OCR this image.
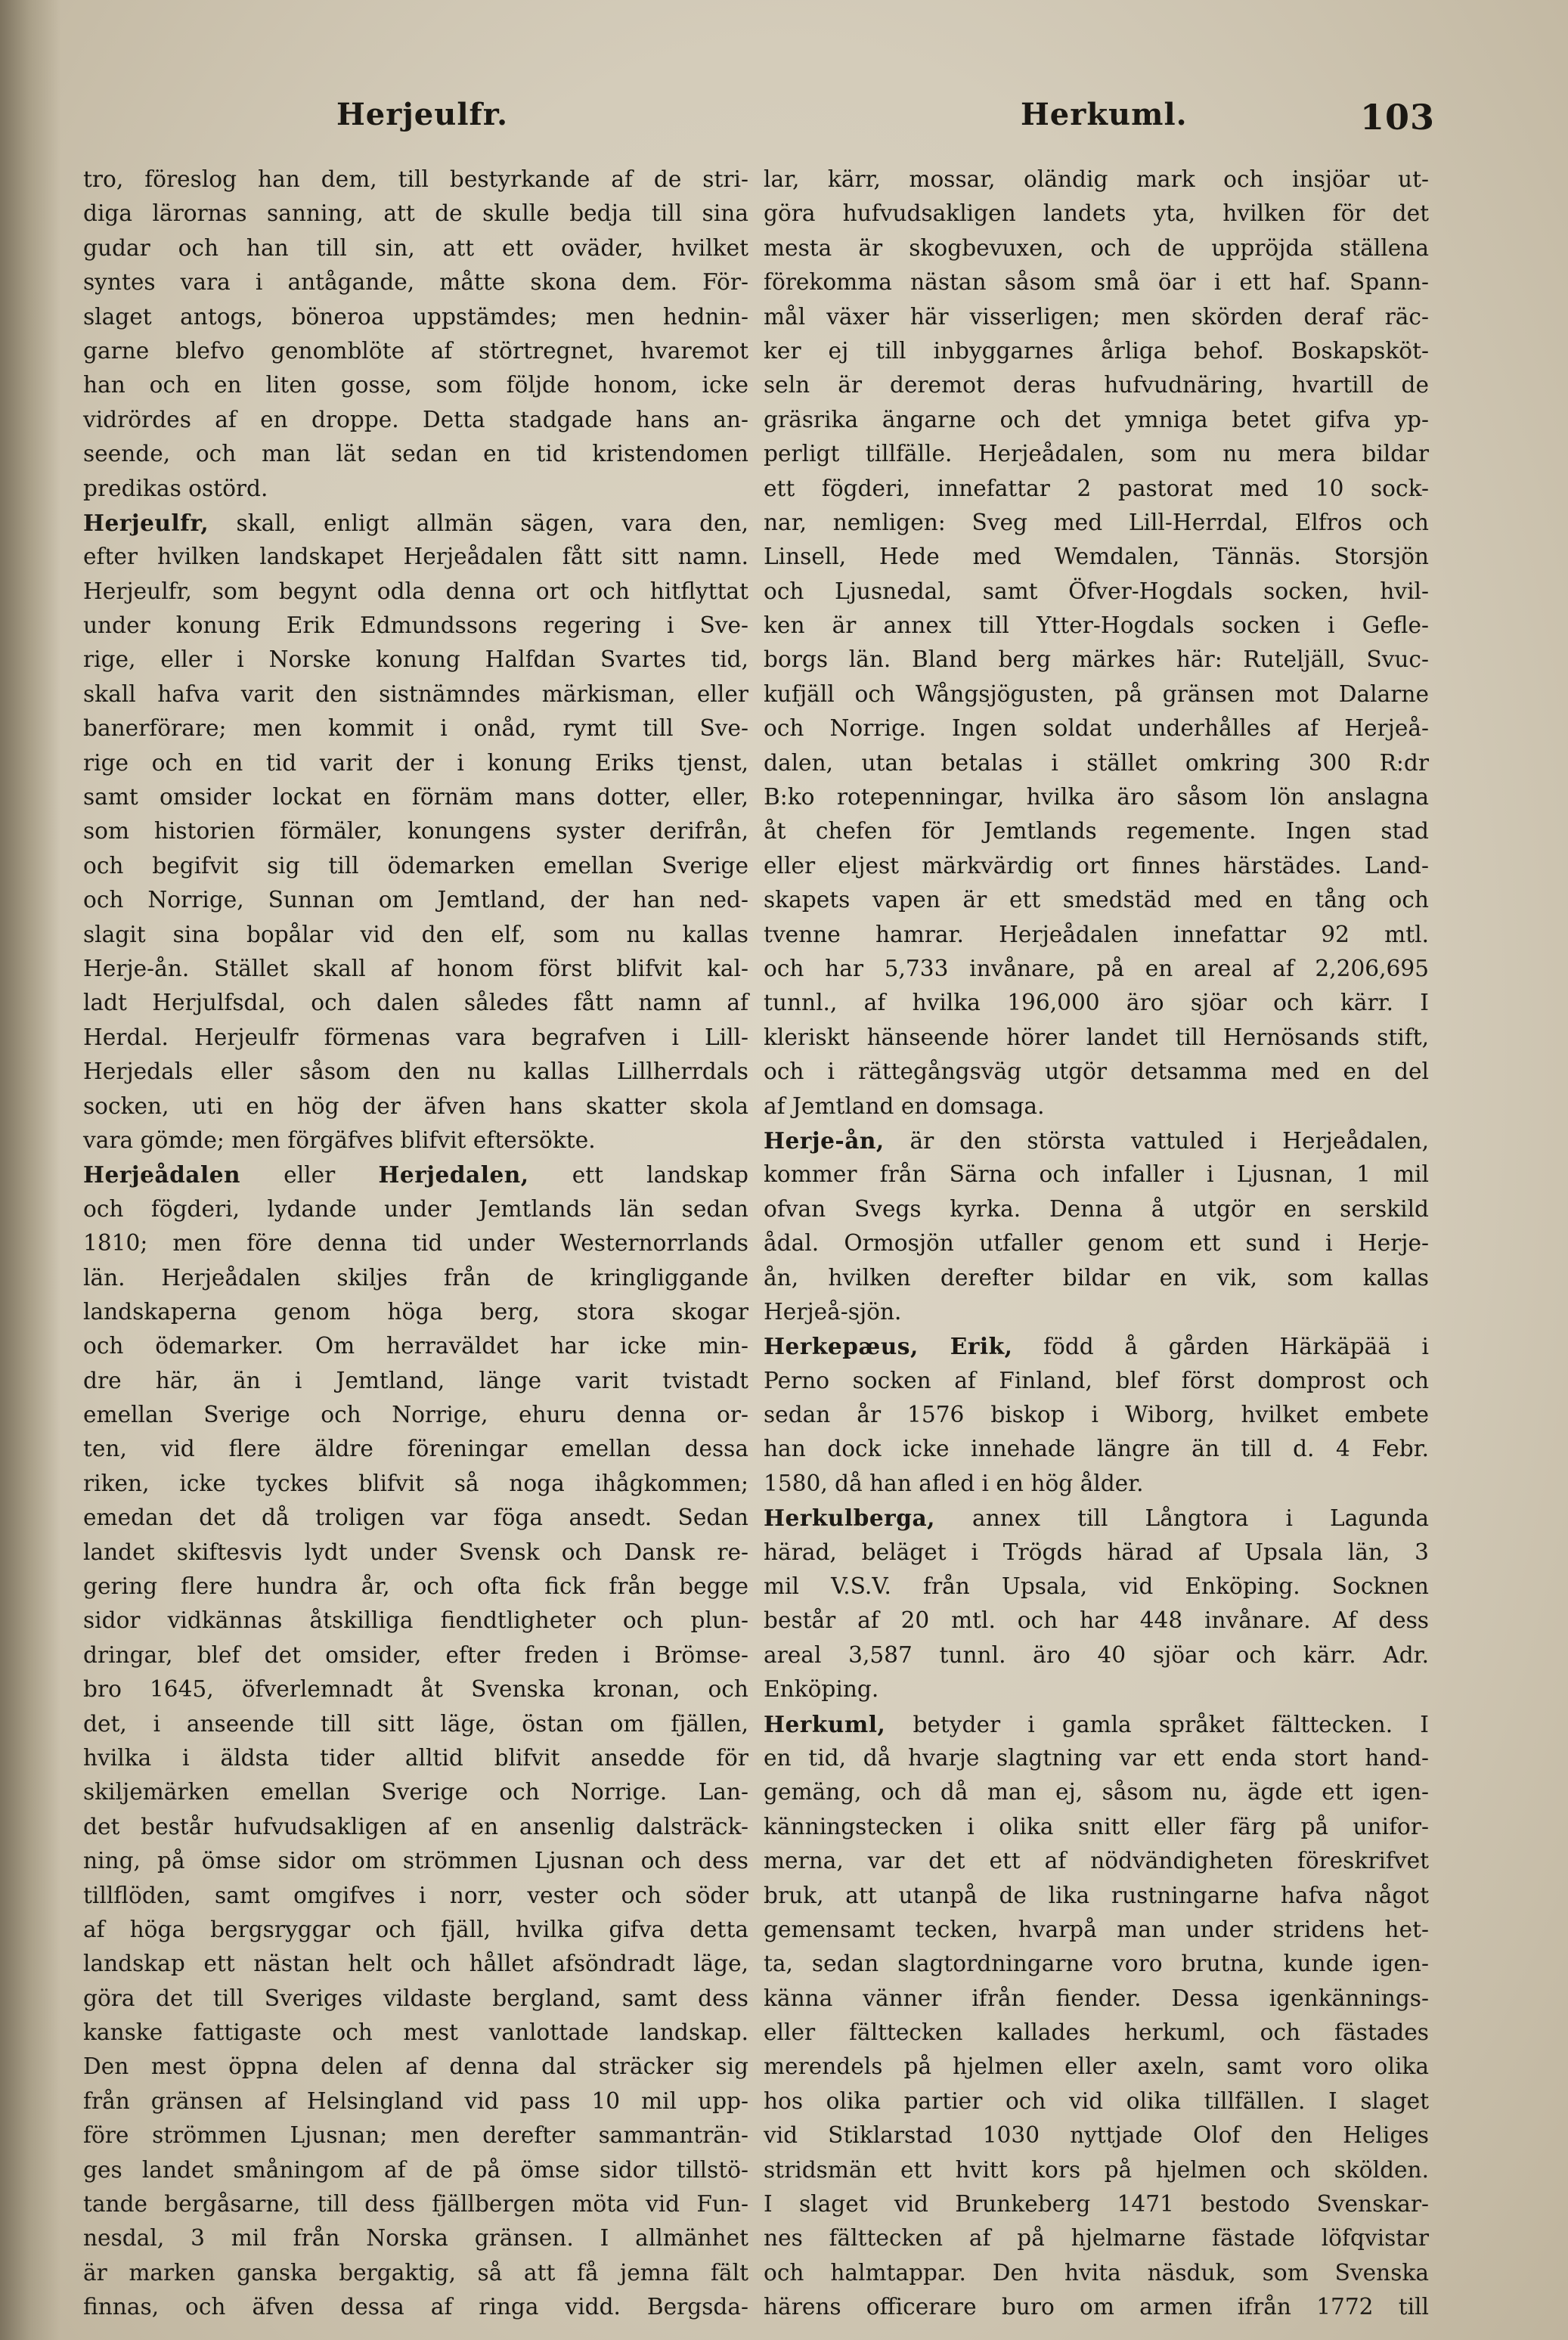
Herjeulfr.	Herkuml.	103
tro, föreslog han dem, till bestyrkande af de stri-
diga lärornas sanning, att de skulle bedja till sina
gudar och han till sin, att ett oväder, hvilket
syntes vara i antågande, måtte skona dem. För-
slaget antogs, böneroa uppstämdes; men hednin-
garne blefvo genomblöte af störtregnet, hvaremot
han och en liten gosse, som följde honom, icke
vidrördes af en droppe. Detta stadgade hans an-
seende, och man lät sedan en tid kristendomen
predikas ostörd.
Herjeulfr, skall, enligt allmän sägen, vara den,
efter hvilken landskapet Herjeådalen fått sitt namn.
Herjeulfr, som begynt odla denna ort och hitflyttat
under konung Erik Edmundssons regering i Sve-
rige, eller i Norske konung Halfdan Svartes tid,
skall hafva varit den sistnämndes märkisman, eller
banerförare; men kommit i onåd, rymt till Sve-
rige och en tid varit der i konung Eriks tjenst,
samt omsider lockat en förnäm mans dotter, eller,
som historien förmäler, konungens syster derifrån,
och begifvit sig till ödemarken emellan Sverige
och Norrige, Sunnan om Jemtland, der han ned-
slagit sina bopålar vid den elf, som nu kallas
Herje-ån. Stället skall af honom först blifvit kal-
ladt Herjulfsdal, och dalen således fått namn af
Herdal. Herjeulfr förmenas vara begrafven i Lill-
Herjedals eller såsom den nu kallas Lillherrdals
socken, uti en hög der äfven hans skatter skola
vara gömde; men förgäfves blifvit eftersökte.
Herjeådalen eller Herjedalen, ett landskap
och fögderi, lydande under Jemtlands län sedan
1810; men före denna tid under Westernorrlands
län. Herjeådalen skiljes från de kringliggande
landskaperna genom höga berg, stora skogar
och ödemarker. Om herraväldet har icke min-
dre här, än i Jemtland, länge varit tvistadt
emellan Sverige och Norrige, ehuru denna or-
ten, vid flere äldre föreningar emellan dessa
riken, icke tyckes blifvit så noga ihågkommen;
emedan det då troligen var föga ansedt. Sedan
landet skiftesvis lydt under Svensk och Dansk re-
gering flere hundra år, och ofta fick från begge
sidor vidkännas åtskilliga fiendtligheter och plun-
dringar, blef det omsider, efter freden i Brömse-
bro 1645, öfverlemnadt åt Svenska kronan, och
det, i anseende till sitt läge, östan om fjällen,
hvilka i äldsta tider alltid blifvit ansedde för
skiljemärken emellan Sverige och Norrige. Lan-
det består hufvudsakligen af en ansenlig dalsträck-
ning, på ömse sidor om strömmen Ljusnan och dess
tillflöden, samt omgifves i norr, vester och söder
af höga bergsryggar och fjäll, hvilka gifva detta
landskap ett nästan helt och hållet afsöndradt läge,
göra det till Sveriges vildaste bergland, samt dess
kanske fattigaste och mest vanlottade landskap.
Den mest öppna delen af denna dal sträcker sig
från gränsen af Helsingland vid pass 10 mil upp-
före strömmen Ljusnan; men derefter sammanträn-
ges landet småningom af de på ömse sidor tillstö-
tande bergåsarne, till dess fjällbergen möta vid Fun-
nesdal, 3 mil från Norska gränsen. I allmänhet
är marken ganska bergaktig, så att få jemna fält
finnas, och äfven dessa af ringa vidd. Bergsda-
lar, kärr, mossar, oländig mark och insjöar ut-
göra hufvudsakligen landets yta, hvilken för det
mesta är skogbevuxen, och de uppröjda ställena
förekomma nästan såsom små öar i ett haf. Spann-
mål växer här visserligen; men skörden deraf räc-
ker ej till inbyggarnes årliga behof. Boskapsköt-
seln är deremot deras hufvudnäring, hvartill de
gräsrika ängarne och det ymniga betet gifva yp-
perligt tillfälle. Herjeådalen, som nu mera bildar
ett fögderi, innefattar 2 pastorat med 10 sock-
nar, nemligen: Sveg med Lill-Herrdal, Elfros och
Linsell, Hede med Wemdalen, Tännäs. Storsjön
och Ljusnedal, samt Öfver-Hogdals socken, hvil-
ken är annex till Ytter-Hogdals socken i Gefle-
borgs län. Bland berg märkes här: Ruteljäll, Svuc-
kufjäll och Wångsjögusten, på gränsen mot Dalarne
och Norrige. Ingen soldat underhålles af Herjeå-
dalen, utan betalas i stället omkring 300 R:dr
B:ko rotepenningar, hvilka äro såsom lön anslagna
åt chefen för Jemtlands regemente. Ingen stad
eller eljest märkvärdig ort finnes härstädes. Land-
skapets vapen är ett smedstäd med en tång och
tvenne hamrar. Herjeådalen innefattar 92 mtl.
och har 5,733 invånare, på en areal af 2,206,695
tunnl., af hvilka 196,000 äro sjöar och kärr. I
kleriskt hänseende hörer landet till Hernösands stift,
och i rättegångsväg utgör detsamma med en del
af Jemtland en domsaga.
Herje-ån, är den största vattuled i Herjeådalen,
kommer från Särna och infaller i Ljusnan, 1 mil
ofvan Svegs kyrka. Denna å utgör en serskild
ådal. Ormosjön utfaller genom ett sund i Herje-
ån, hvilken derefter bildar en vik, som kallas
Herjeå-sjön.
Herkepæus, Erik, född å gården Härkäpää i
Perno socken af Finland, blef först domprost och
sedan år 1576 biskop i Wiborg, hvilket embete
han dock icke innehade längre än till d. 4 Febr.
1580, då han afled i en hög ålder.
Herkulberga, annex till Långtora i Lagunda
härad, beläget i Trögds härad af Upsala län, 3
mil V.S.V. från Upsala, vid Enköping. Socknen
består af 20 mtl. och har 448 invånare. Af dess
areal 3,587 tunnl. äro 40 sjöar och kärr. Adr.
Enköping.
Herkuml, betyder i gamla språket fälttecken. I
en tid, då hvarje slagtning var ett enda stort hand-
gemäng, och då man ej, såsom nu, ägde ett igen-
känningstecken i olika snitt eller färg på unifor-
merna, var det ett af nödvändigheten föreskrifvet
bruk, att utanpå de lika rustningarne hafva något
gemensamt tecken, hvarpå man under stridens het-
ta, sedan slagtordningarne voro brutna, kunde igen-
känna vänner ifrån fiender. Dessa igenkännings-
eller fälttecken kallades herkuml, och fästades
merendels på hjelmen eller axeln, samt voro olika
hos olika partier och vid olika tillfällen. I slaget
vid Stiklarstad 1030 nyttjade Olof den Heliges
stridsmän ett hvitt kors på hjelmen och skölden.
I slaget vid Brunkeberg 1471 bestodo Svenskar-
nes fälttecken af på hjelmarne fästade löfqvistar
och halmtappar. Den hvita näsduk, som Svenska
härens officerare buro om armen ifrån 1772 till
